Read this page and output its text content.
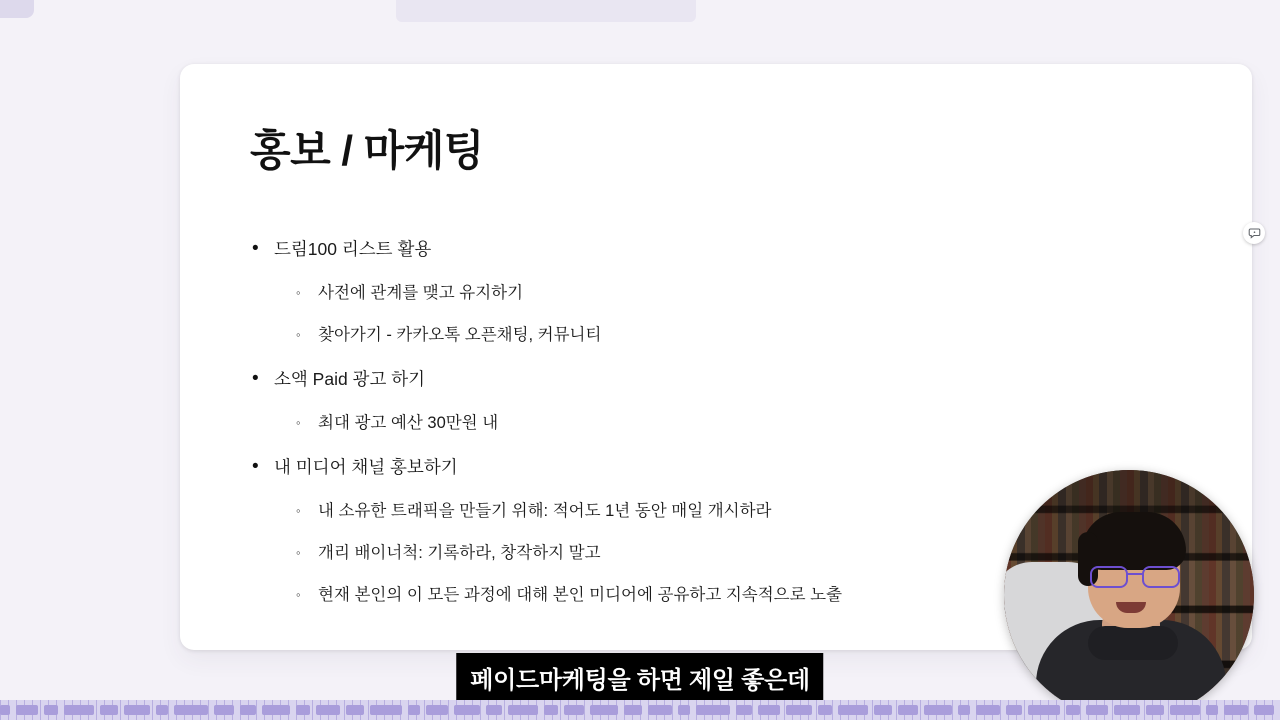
홍보 / 마케팅
• 드림100 리스트 활용
◦	사전에 관계를 맺고 유지하기
◦	찾아가기 - 카카오톡 오픈채팅, 커뮤니티
• 소액 Paid 광고 하기
◦	최대 광고 예산 30만원 내
• 내 미디어 채널 홍보하기
◦	내 소유한 트래픽을 만들기 위해: 적어도 1년 동안 매일 개시하라
◦	개리 배이너척: 기록하라, 창작하지 말고
◦	현재 본인의 이 모든 과정에 대해 본인 미디어에 공유하고 지속적으로 노출
페이드마케팅을 하면 제일 좋은데
